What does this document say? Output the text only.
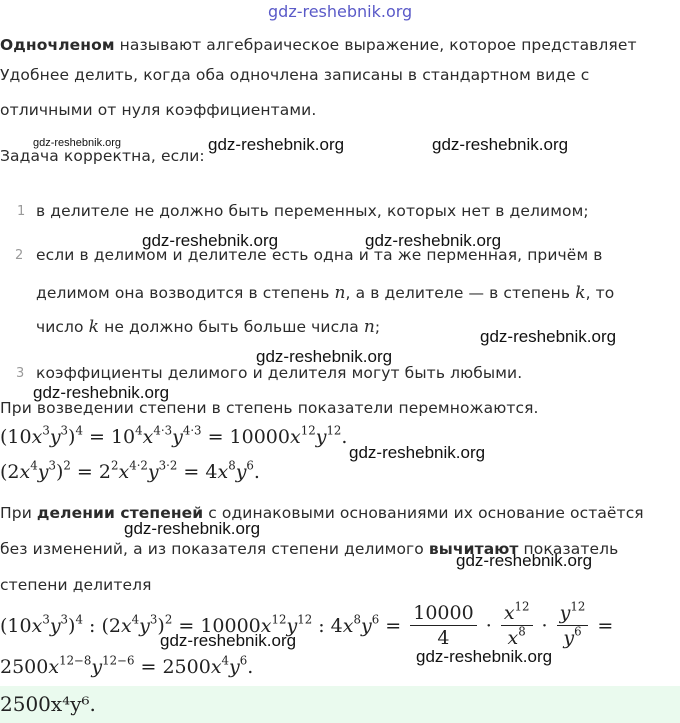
gdz-reshebnik.org
Одночленом называют алгебраическое выражение, которое представляет
Удобнее делить, когда оба одночлена записаны в стандартном виде с
отличными от нуля коэффициентами.
Задача корректна, если:
1 в делителе не должно быть переменных, которых нет в делимом;
2 если в делимом и делителе есть одна и та же перменная, причём в
делимом она возводится в степень n, а в делителе — в степень k, то
число k не должно быть больше числа n;
3 коэффициенты делимого и делителя могут быть любыми.
При возведении степени в степень показатели перемножаются.
$(10x^3y^3)^4 = 10^4x^{4\cdot 3}y^{4\cdot 3} = 10000x^{12}y^{12}$.
$(2x^4y^3)^2 = 2^2x^{4\cdot 2}y^{3\cdot 2} = 4x^8y^6$.
При делении степеней с одинаковыми основаниями их основание остаётся
без изменений, а из показателя степени делимого вычитают показатель
степени делителя
$(10x^3y^3)^4$ : $(2x^4y^3)^2 = 10000x^{12}y^{12}$ : $4x^8y^6 = \frac{10000}{4} \cdot \frac{x^{12}}{x^8} \cdot \frac{y^{12}}{y^6}$ =
$2500x^{12-8}y^{12-6} = 2500x^4y^6$.
2500x⁴y⁶.
gdz-reshebnik.org	gdz-reshebnik.org	gdz-reshebnik.org
gdz-reshebnik.org	gdz-reshebnik.org
gdz-reshebnik.org
gdz-reshebnik.org
gdz-reshebnik.org
gdz-reshebnik.org
gdz-reshebnik.org
gdz-reshebnik.org
gdz-reshebnik.org
gdz-reshebnik.org
